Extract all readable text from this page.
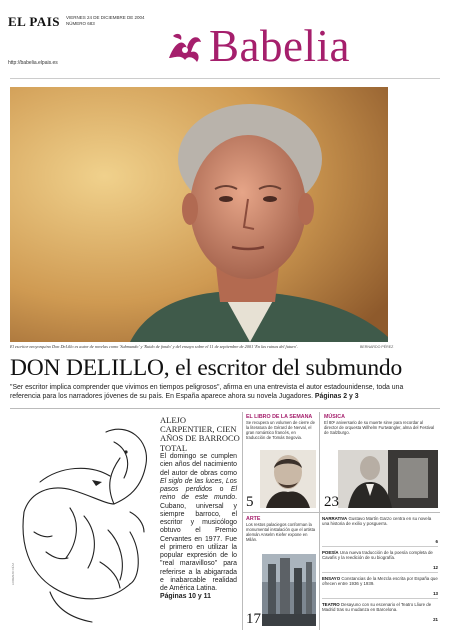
EL PAIS VIERNES 24 DE DICIEMBRE DE 2004
NÚMERO 683
http://babelia.elpais.es	Babelia
El escritor neoyorquino Don DeLillo es autor de novelas como 'Submundo' y 'Ruido de fondo' y del ensayo sobre el 11 de septiembre de 2001 'En las ruinas del futuro'.	BERNARDO PÉREZ
DON DELILLO, el escritor del submundo
"Ser escritor implica comprender que vivimos en tiempos peligrosos", afirma en una entrevista el autor estadounidense, toda una referencia para los narradores jóvenes de su país. En España aparece ahora su novela Jugadores. Páginas 2 y 3
LORENZO DÍAZ
ALEJO CARPENTIER, CIEN AÑOS DE BARROCO TOTAL
El domingo se cumplen cien años del nacimiento del autor de obras como El siglo de las luces, Los pasos perdidos o El reino de este mundo. Cubano, universal y siempre barroco, el escritor y musicólogo obtuvo el Premio Cervantes en 1977. Fue el primero en utilizar la popular expresión de lo "real maravilloso" para referirse a la abigarrada e inabarcable realidad de América Latina.
Páginas 10 y 11
EL LIBRO DE LA SEMANA
Se recupera un volumen de cierre de la literatura de Gérard de Nerval, el gran romántico francés, en traducción de Tomás Segovia.
5
MÚSICA
El 80º aniversario de su muerte sirve para recordar al director de orquesta Wilhelm Furtwängler, alma del Festival de Salzburgo.
23
ARTE
Los restos palaciegos conforman la monumental instalación que el artista alemán Anselm Kiefer expone en Milán.
17
NARRATIVA Gustavo Martín Garzo centra en su novela una historia de exilio y posguerra.
6
POESÍA Una nueva traducción de la poesía completa de Cavafis y la reedición de su biografía.
12
ENSAYO Constancias de la Mezcla escrita por España que ofrecen entre 1936 y 1939.
13
TEATRO Desayuno con su escenario el Teatro Lliure de Madrid tras su mudanza en Barcelona.
21
